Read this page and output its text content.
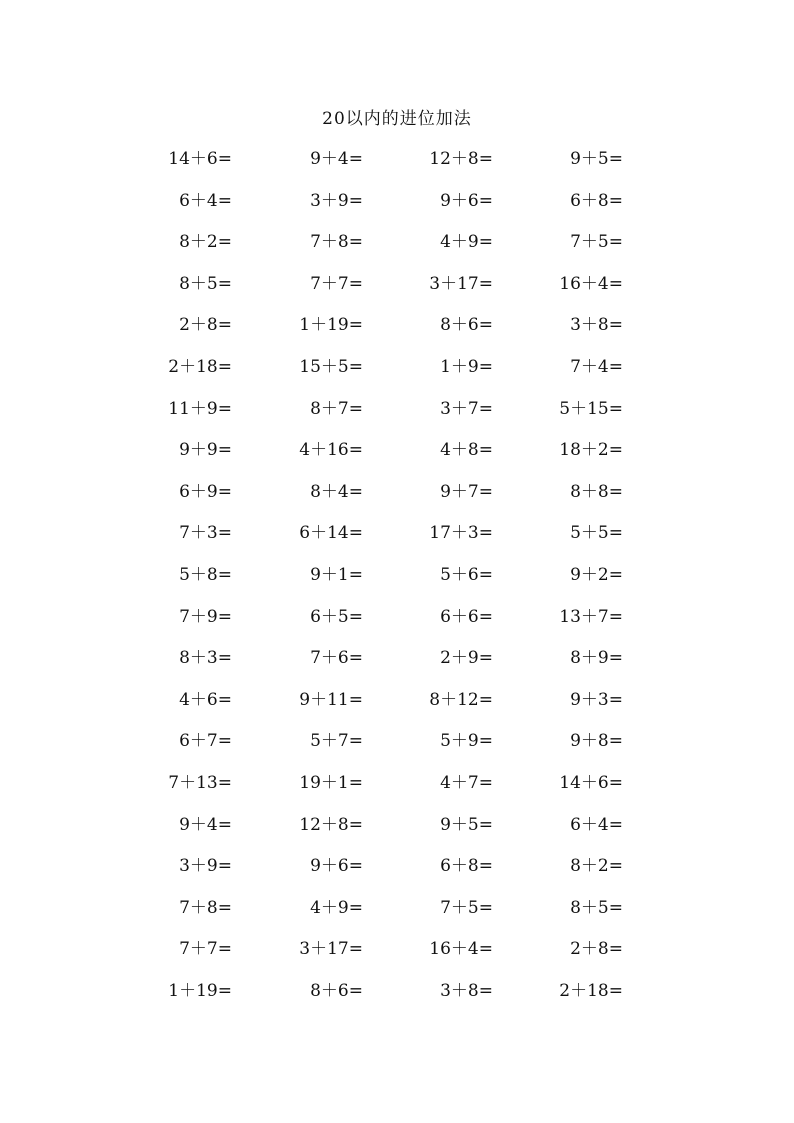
20以内的进位加法
14＋6=	9＋4=	12＋8=	9＋5=
6＋4=	3＋9=	9＋6=	6＋8=
8＋2=	7＋8=	4＋9=	7＋5=
8＋5=	7＋7=	3＋17=	16＋4=
2＋8=	1＋19=	8＋6=	3＋8=
2＋18=	15＋5=	1＋9=	7＋4=
11＋9=	8＋7=	3＋7=	5＋15=
9＋9=	4＋16=	4＋8=	18＋2=
6＋9=	8＋4=	9＋7=	8＋8=
7＋3=	6＋14=	17＋3=	5＋5=
5＋8=	9＋1=	5＋6=	9＋2=
7＋9=	6＋5=	6＋6=	13＋7=
8＋3=	7＋6=	2＋9=	8＋9=
4＋6=	9＋11=	8＋12=	9＋3=
6＋7=	5＋7=	5＋9=	9＋8=
7＋13=	19＋1=	4＋7=	14＋6=
9＋4=	12＋8=	9＋5=	6＋4=
3＋9=	9＋6=	6＋8=	8＋2=
7＋8=	4＋9=	7＋5=	8＋5=
7＋7=	3＋17=	16＋4=	2＋8=
1＋19=	8＋6=	3＋8=	2＋18=
